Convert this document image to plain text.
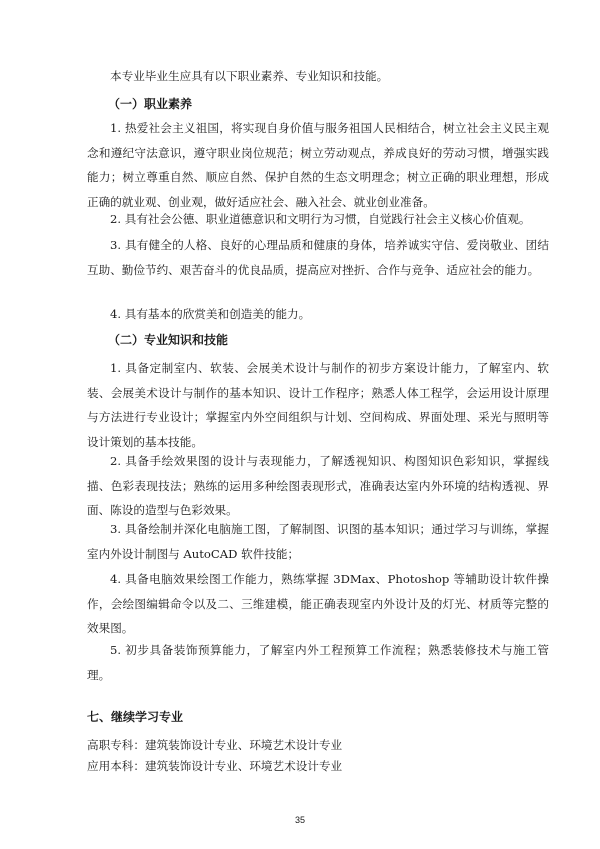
本专业毕业生应具有以下职业素养、专业知识和技能。
（一）职业素养
1. 热爱社会主义祖国，将实现自身价值与服务祖国人民相结合，树立社会主义民主观念和遵纪守法意识，遵守职业岗位规范；树立劳动观点，养成良好的劳动习惯，增强实践能力；树立尊重自然、顺应自然、保护自然的生态文明理念；树立正确的职业理想，形成正确的就业观、创业观，做好适应社会、融入社会、就业创业准备。
2. 具有社会公德、职业道德意识和文明行为习惯，自觉践行社会主义核心价值观。
3. 具有健全的人格、良好的心理品质和健康的身体，培养诚实守信、爱岗敬业、团结互助、勤俭节约、艰苦奋斗的优良品质，提高应对挫折、合作与竞争、适应社会的能力。
4. 具有基本的欣赏美和创造美的能力。
（二）专业知识和技能
1. 具备定制室内、软装、会展美术设计与制作的初步方案设计能力，了解室内、软装、会展美术设计与制作的基本知识、设计工作程序；熟悉人体工程学，会运用设计原理与方法进行专业设计；掌握室内外空间组织与计划、空间构成、界面处理、采光与照明等设计策划的基本技能。
2. 具备手绘效果图的设计与表现能力，了解透视知识、构图知识色彩知识，掌握线描、色彩表现技法；熟练的运用多种绘图表现形式，准确表达室内外环境的结构透视、界面、陈设的造型与色彩效果。
3. 具备绘制并深化电脑施工图，了解制图、识图的基本知识；通过学习与训练，掌握室内外设计制图与 AutoCAD 软件技能；
4. 具备电脑效果绘图工作能力，熟练掌握 3DMax、Photoshop 等辅助设计软件操作，会绘图编辑命令以及二、三维建模，能正确表现室内外设计及的灯光、材质等完整的效果图。
5. 初步具备装饰预算能力，了解室内外工程预算工作流程；熟悉装修技术与施工管理。
七、继续学习专业
高职专科：建筑装饰设计专业、环境艺术设计专业
应用本科：建筑装饰设计专业、环境艺术设计专业
35
